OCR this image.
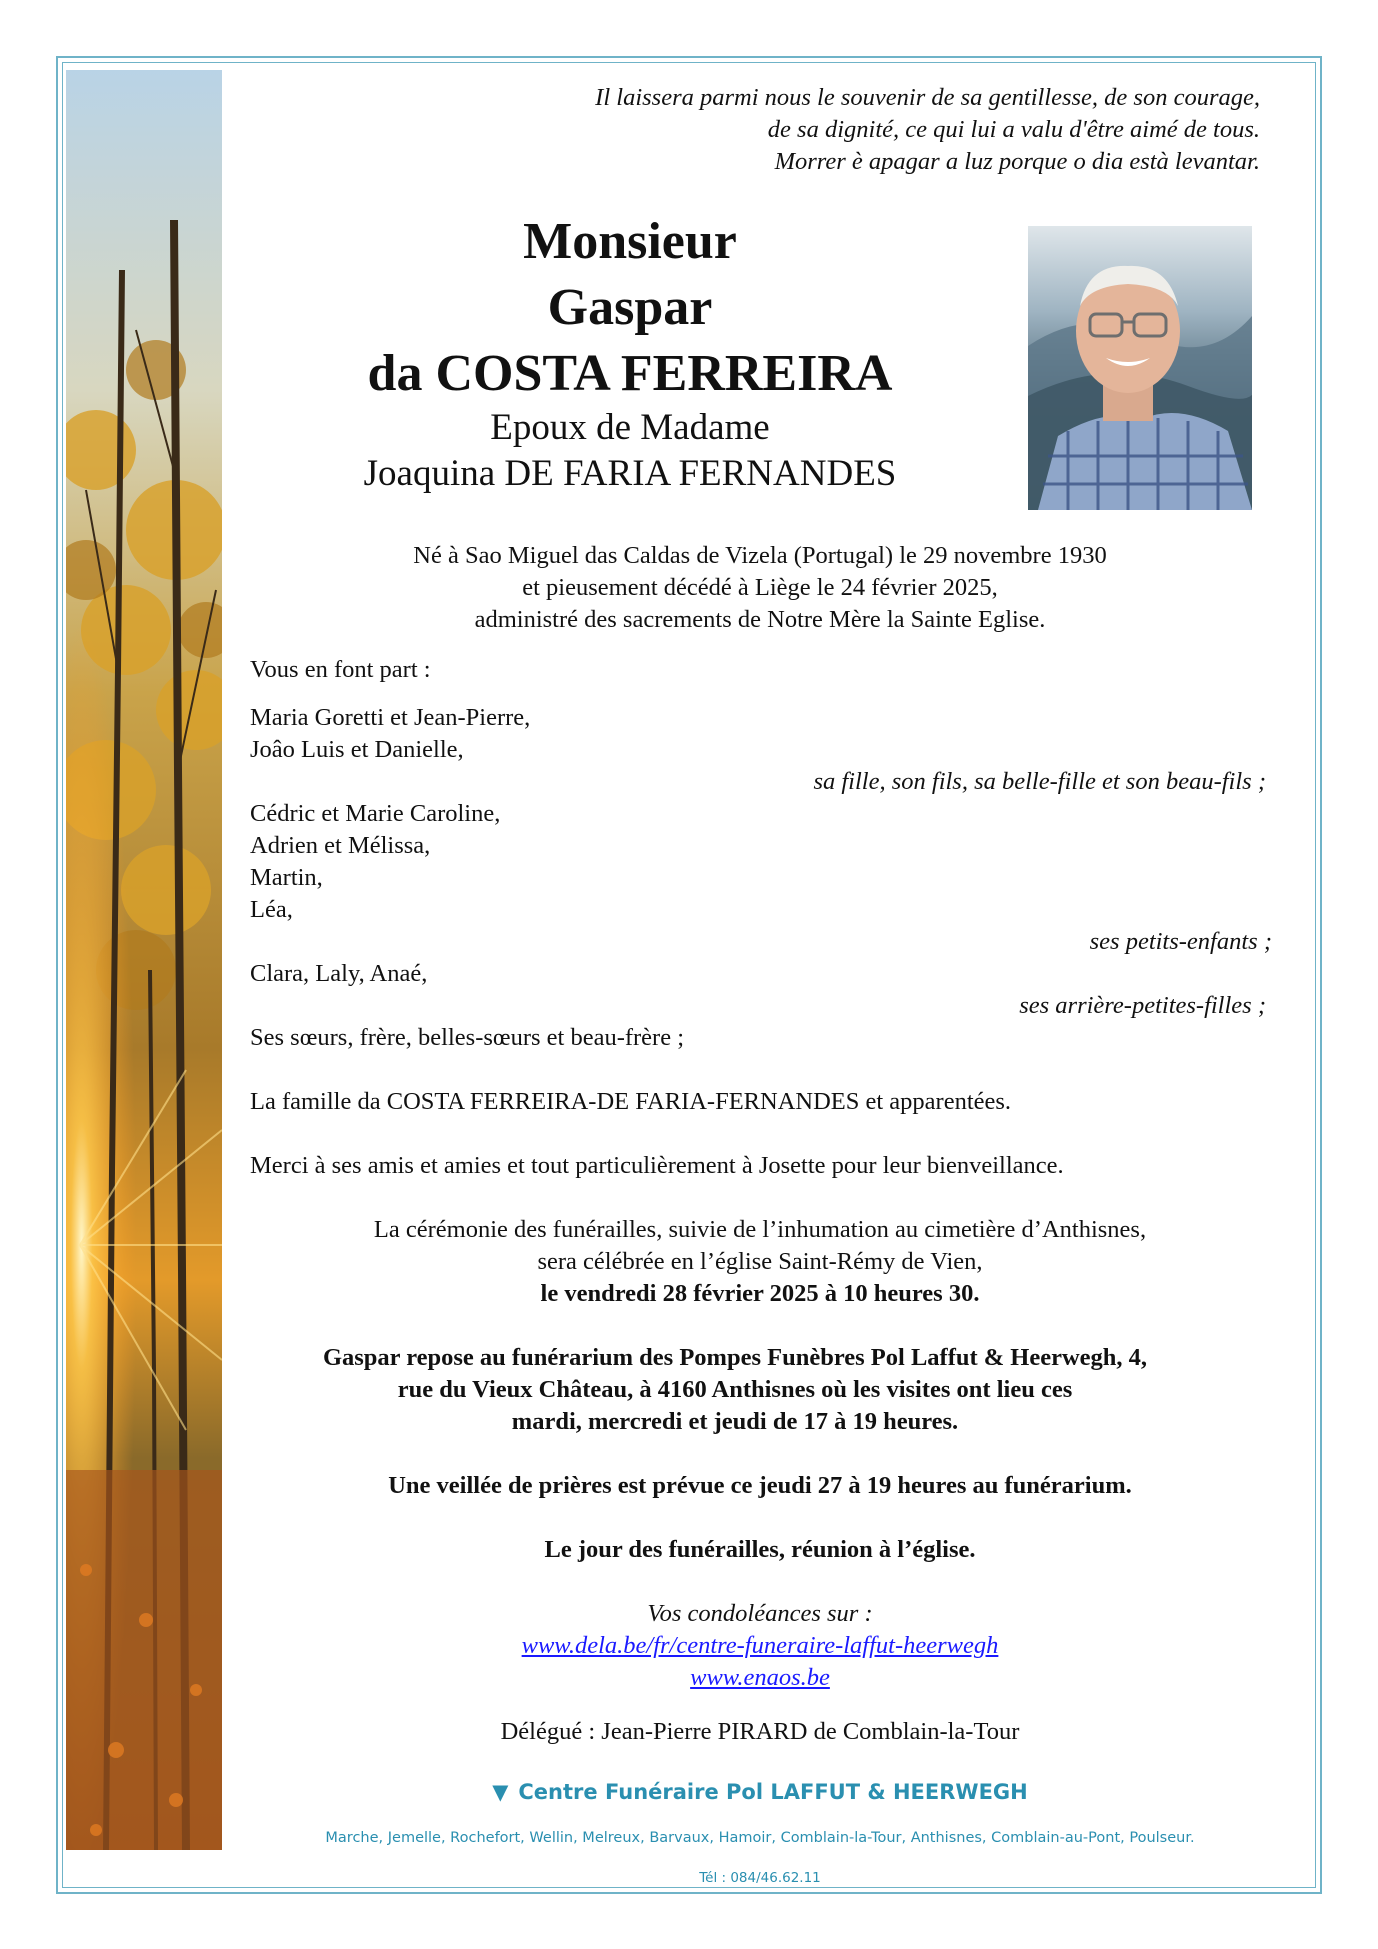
Il laissera parmi nous le souvenir de sa gentillesse, de son courage,
de sa dignité, ce qui lui a valu d'être aimé de tous.
Morrer è apagar a luz porque o dia està levantar.
Monsieur
Gaspar
da COSTA FERREIRA
Epoux de Madame
Joaquina DE FARIA FERNANDES
Né à Sao Miguel das Caldas de Vizela (Portugal) le 29 novembre 1930
et pieusement décédé à Liège le 24 février 2025,
administré des sacrements de Notre Mère la Sainte Eglise.
Vous en font part :
Maria Goretti et Jean-Pierre,
Joâo Luis et Danielle,
sa fille, son fils, sa belle-fille et son beau-fils ;
Cédric et Marie Caroline,
Adrien et Mélissa,
Martin,
Léa,
ses petits-enfants ;
Clara, Laly, Anaé,
ses arrière-petites-filles ;
Ses sœurs, frère, belles-sœurs et beau-frère ;
La famille da COSTA FERREIRA-DE FARIA-FERNANDES et apparentées.
Merci à ses amis et amies et tout particulièrement à Josette pour leur bienveillance.
La cérémonie des funérailles, suivie de l’inhumation au cimetière d’Anthisnes,
sera célébrée en l’église Saint-Rémy de Vien,
le vendredi 28 février 2025 à 10 heures 30.
Gaspar repose au funérarium des Pompes Funèbres Pol Laffut & Heerwegh, 4,
rue du Vieux Château, à 4160 Anthisnes où les visites ont lieu ces
mardi, mercredi et jeudi de 17 à 19 heures.
Une veillée de prières est prévue ce jeudi 27 à 19 heures au funérarium.
Le jour des funérailles, réunion à l’église.
Vos condoléances sur :
www.dela.be/fr/centre-funeraire-laffut-heerwegh
www.enaos.be
Délégué : Jean-Pierre PIRARD de Comblain-la-Tour
▼ Centre Funéraire Pol LAFFUT & HEERWEGH
Marche, Jemelle, Rochefort, Wellin, Melreux, Barvaux, Hamoir, Comblain-la-Tour, Anthisnes, Comblain-au-Pont, Poulseur.
Tél : 084/46.62.11
